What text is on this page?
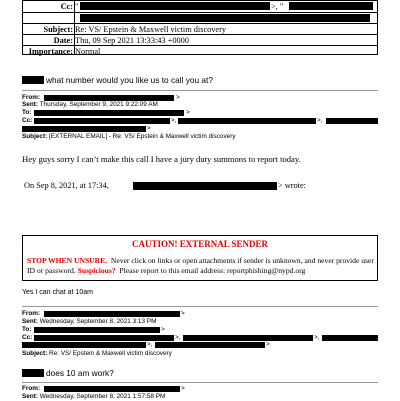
Cc: "	>, "
Subject: Re: VS/ Epstein & Maxwell victim discovery
Date: Thu, 09 Sep 2021 13:33:43 +0000
Importance: Normal
what number would you like us to call you at?
From:	>
Sent: Thursday, September 9, 2021 9:22:09 AM
To:	>
Cc:	>,	>,
>
Subject: [EXTERNAL EMAIL] - Re: VS/ Epstein & Maxwell victim discovery
Hey guys sorry I can’t make this call I have a jury duty summons to report today.
On Sep 8, 2021, at 17:34,	> wrote:
CAUTION! EXTERNAL SENDER
STOP WHEN UNSURE. Never click on links or open attachments if sender is unknown, and never provide user ID or password. Suspicious? Please report to this email address: reportphishing@nypd.org
Yes I can chat at 10am
From:	>
Sent: Wednesday, September 8, 2021 3:13 PM
To:	>
Cc:	>,	>,
>,	>
Subject: Re: VS/ Epstein & Maxwell victim discovery
does 10 am work?
From:	>
Sent: Wednesday, September 8, 2021 1:57:58 PM
